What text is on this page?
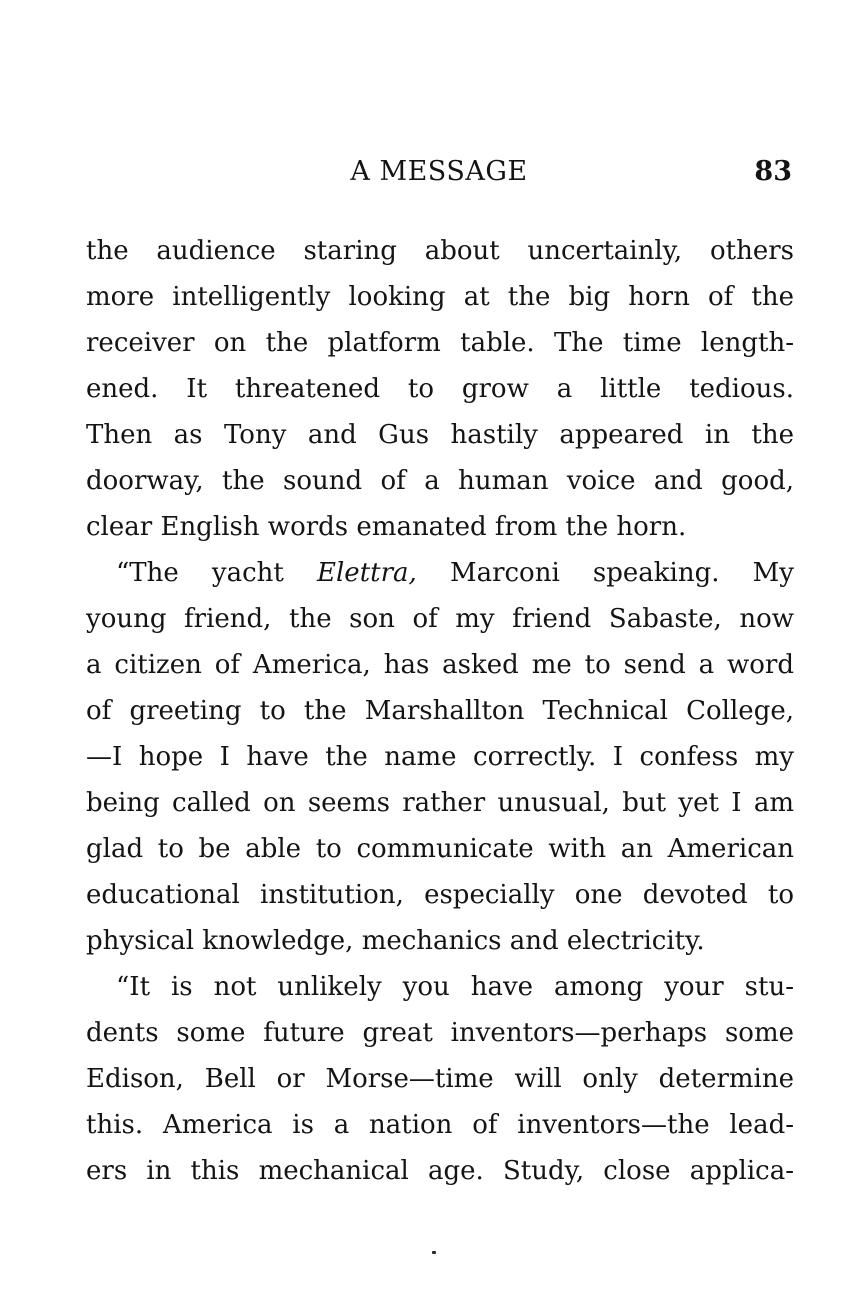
A MESSAGE	83
the audience staring about uncertainly, others
more intelligently looking at the big horn of the
receiver on the platform table. The time length-
ened. It threatened to grow a little tedious.
Then as Tony and Gus hastily appeared in the
doorway, the sound of a human voice and good,
clear English words emanated from the horn.
“The yacht Elettra, Marconi speaking. My
young friend, the son of my friend Sabaste, now
a citizen of America, has asked me to send a word
of greeting to the Marshallton Technical College,
—I hope I have the name correctly. I confess my
being called on seems rather unusual, but yet I am
glad to be able to communicate with an American
educational institution, especially one devoted to
physical knowledge, mechanics and electricity.
“It is not unlikely you have among your stu-
dents some future great inventors—perhaps some
Edison, Bell or Morse—time will only determine
this. America is a nation of inventors—the lead-
ers in this mechanical age. Study, close applica-
